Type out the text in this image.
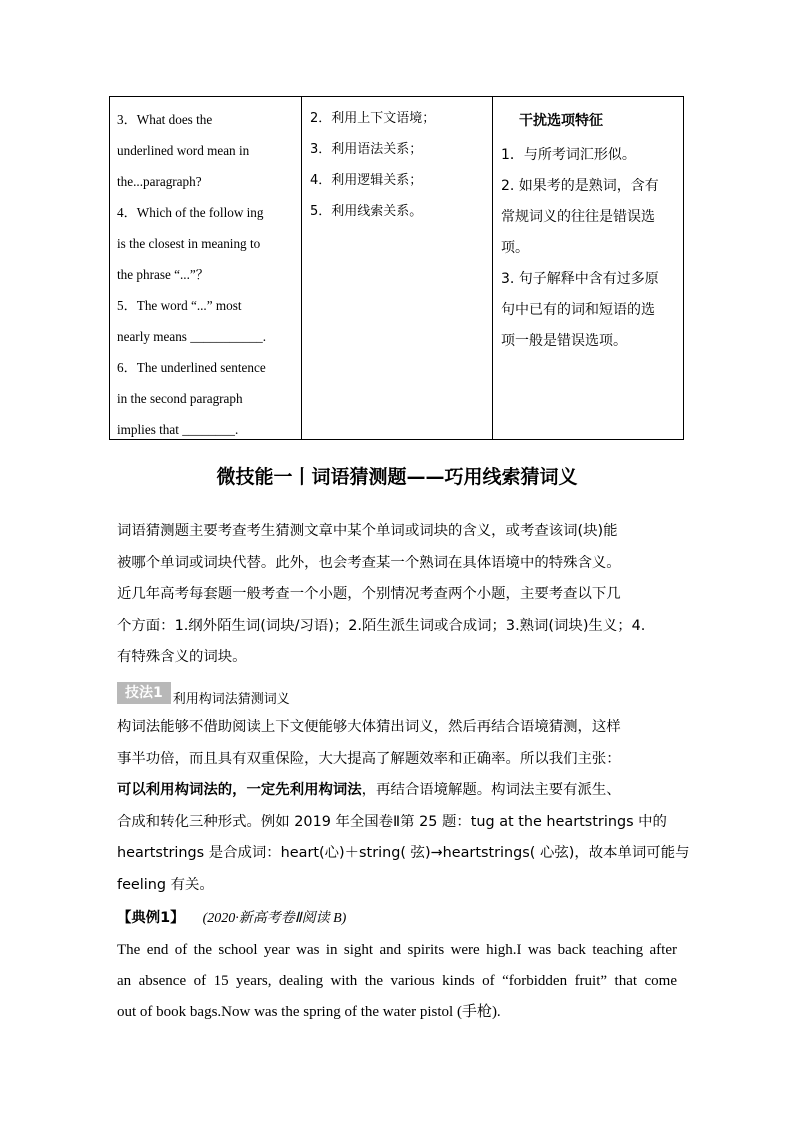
3．What does the
underlined word mean in
the...paragraph?
4．Which of the follow ing
is the closest in meaning to
the phrase “...”？
5．The word “...” most
nearly means ___________.
6．The underlined sentence
in the second paragraph
implies that ________.
2．利用上下文语境；
3．利用语法关系；
4．利用逻辑关系；
5．利用线索关系。
干扰选项特征
1．与所考词汇形似。
2. 如果考的是熟词，含有
常规词义的往往是错误选
项。
3. 句子解释中含有过多原
句中已有的词和短语的选
项一般是错误选项。
微技能一丨词语猜测题——巧用线索猜词义
词语猜测题主要考查考生猜测文章中某个单词或词块的含义，或考查该词(块)能
被哪个单词或词块代替。此外，也会考查某一个熟词在具体语境中的特殊含义。
近几年高考每套题一般考查一个小题，个别情况考查两个小题，主要考查以下几
个方面：1.纲外陌生词(词块/习语)；2.陌生派生词或合成词；3.熟词(词块)生义；4.
有特殊含义的词块。
技法1 利用构词法猜测词义
构词法能够不借助阅读上下文便能够大体猜出词义，然后再结合语境猜测，这样
事半功倍，而且具有双重保险，大大提高了解题效率和正确率。所以我们主张：
可以利用构词法的，一定先利用构词法，再结合语境解题。构词法主要有派生、
合成和转化三种形式。例如 2019 年全国卷Ⅱ第 25 题：tug at the heartstrings 中的
heartstrings 是合成词：heart(心)＋string( 弦)→heartstrings( 心弦)，故本单词可能与
feeling 有关。
【典例1】 (2020·新高考卷Ⅱ阅读 B)
The end of the school year was in sight and spirits were high.I was back teaching after
an absence of 15 years, dealing with the various kinds of “forbidden fruit” that come
out of book bags.Now was the spring of the water pistol (手枪).
